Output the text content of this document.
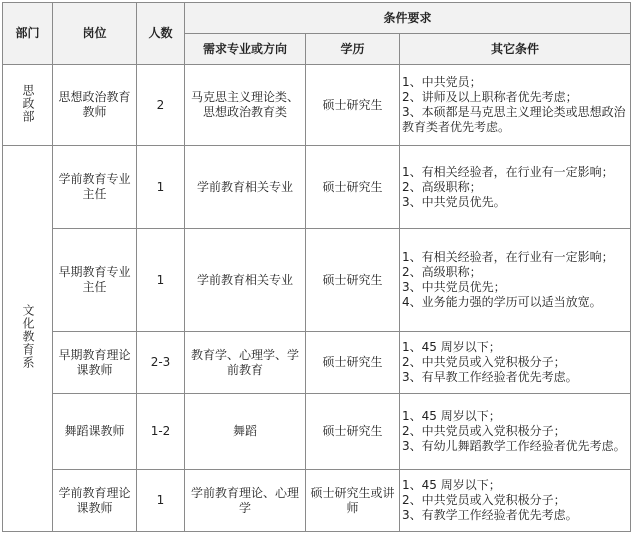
部门	岗位	人数	条件要求		
			需求专业或方向	学历	其它条件
思政部	思想政治教育教师	2	马克思主义理论类、思想政治教育类	硕士研究生	1、中共党员；
2、讲师及以上职称者优先考虑；
3、本硕都是马克思主义理论类或思想政治教育类者优先考虑。

文化教育系	学前教育专业主任	1	学前教育相关专业	硕士研究生	1、有相关经验者，在行业有一定影响；
2、高级职称；
3、中共党员优先。

	早期教育专业主任	1	学前教育相关专业	硕士研究生	1、有相关经验者，在行业有一定影响；
2、高级职称；
3、中共党员优先；
4、业务能力强的学历可以适当放宽。

	早期教育理论课教师	2-3	教育学、心理学、学前教育	硕士研究生	1、45 周岁以下；
2、中共党员或入党积极分子；
3、有早教工作经验者优先考虑。

	舞蹈课教师	1-2	舞蹈	硕士研究生	1、45 周岁以下；
2、中共党员或入党积极分子；
3、有幼儿舞蹈教学工作经验者优先考虑。

	学前教育理论课教师	1	学前教育理论、心理学	硕士研究生或讲师	1、45 周岁以下；
2、中共党员或入党积极分子；
3、有教学工作经验者优先考虑。
